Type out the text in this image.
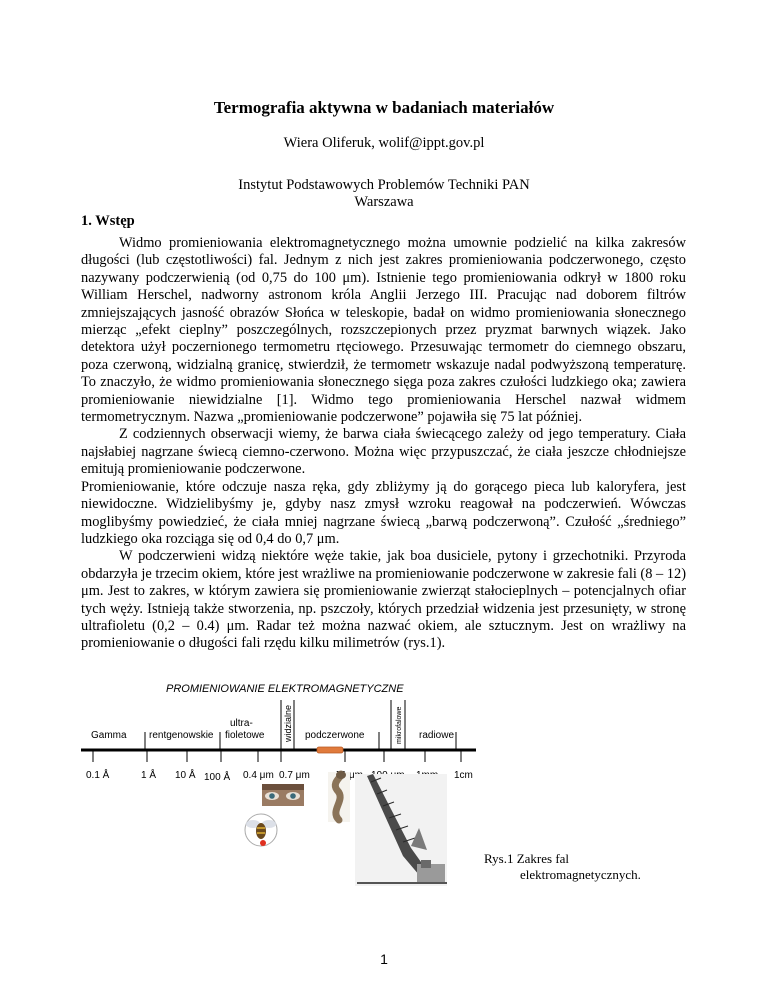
Termografia aktywna w badaniach materiałów
Wiera Oliferuk, wolif@ippt.gov.pl
Instytut Podstawowych Problemów Techniki PAN
Warszawa
1. Wstęp

Widmo promieniowania elektromagnetycznego można umownie podzielić na kilka zakresów długości (lub częstotliwości) fal. Jednym z nich jest zakres promieniowania podczerwonego, często nazywany podczerwienią (od 0,75 do 100 μm). Istnienie tego promieniowania odkrył w 1800 roku William Herschel, nadworny astronom króla Anglii Jerzego III. Pracując nad doborem filtrów zmniejszających jasność obrazów Słońca w teleskopie, badał on widmo promieniowania słonecznego mierząc „efekt cieplny” poszczególnych, rozszczepionych przez pryzmat barwnych wiązek. Jako detektora użył poczernionego termometru rtęciowego. Przesuwając termometr do ciemnego obszaru, poza czerwoną, widzialną granicę, stwierdził, że termometr wskazuje nadal podwyższoną temperaturę. To znaczyło, że widmo promieniowania słonecznego sięga poza zakres czułości ludzkiego oka; zawiera promieniowanie niewidzialne [1]. Widmo tego promieniowania Herschel nazwał widmem termometrycznym. Nazwa „promieniowanie podczerwone” pojawiła się 75 lat później.

Z codziennych obserwacji wiemy, że barwa ciała świecącego zależy od jego temperatury. Ciała najsłabiej nagrzane świecą ciemno-czerwono. Można więc przypuszczać, że ciała jeszcze chłodniejsze emitują promieniowanie podczerwone.

Promieniowanie, które odczuje nasza ręka, gdy zbliżymy ją do gorącego pieca lub kaloryfera, jest niewidoczne. Widzielibyśmy je, gdyby nasz zmysł wzroku reagował na podczerwień. Wówczas moglibyśmy powiedzieć, że ciała mniej nagrzane świecą „barwą podczerwoną”. Czułość „średniego” ludzkiego oka rozciąga się od 0,4 do 0,7 μm.

W podczerwieni widzą niektóre węże takie, jak boa dusiciele, pytony i grzechotniki. Przyroda obdarzyła je trzecim okiem, które jest wrażliwe na promieniowanie podczerwone w zakresie fali (8 – 12) μm. Jest to zakres, w którym zawiera się promieniowanie zwierząt stałocieplnych – potencjalnych ofiar tych węży. Istnieją także stworzenia, np. pszczoły, których przedział widzenia jest przesunięty, w stronę ultrafioletu (0,2 – 0.4) μm. Radar też można nazwać okiem, ale sztucznym. Jest on wrażliwy na promieniowanie o długości fali rzędu kilku milimetrów (rys.1).

PROMIENIOWANIE ELEKTROMAGNETYCZNE
widzialne	mikrofalowe
Gamma rentgenowskie
ultra-
fioletowe	podczerwone	radiowe
0.1 Å	1 Å 10 Å 100 Å 0.4 μm 0.7 μm	1cm
Rys.1 Zakres fal
elektromagnetycznych.
1
